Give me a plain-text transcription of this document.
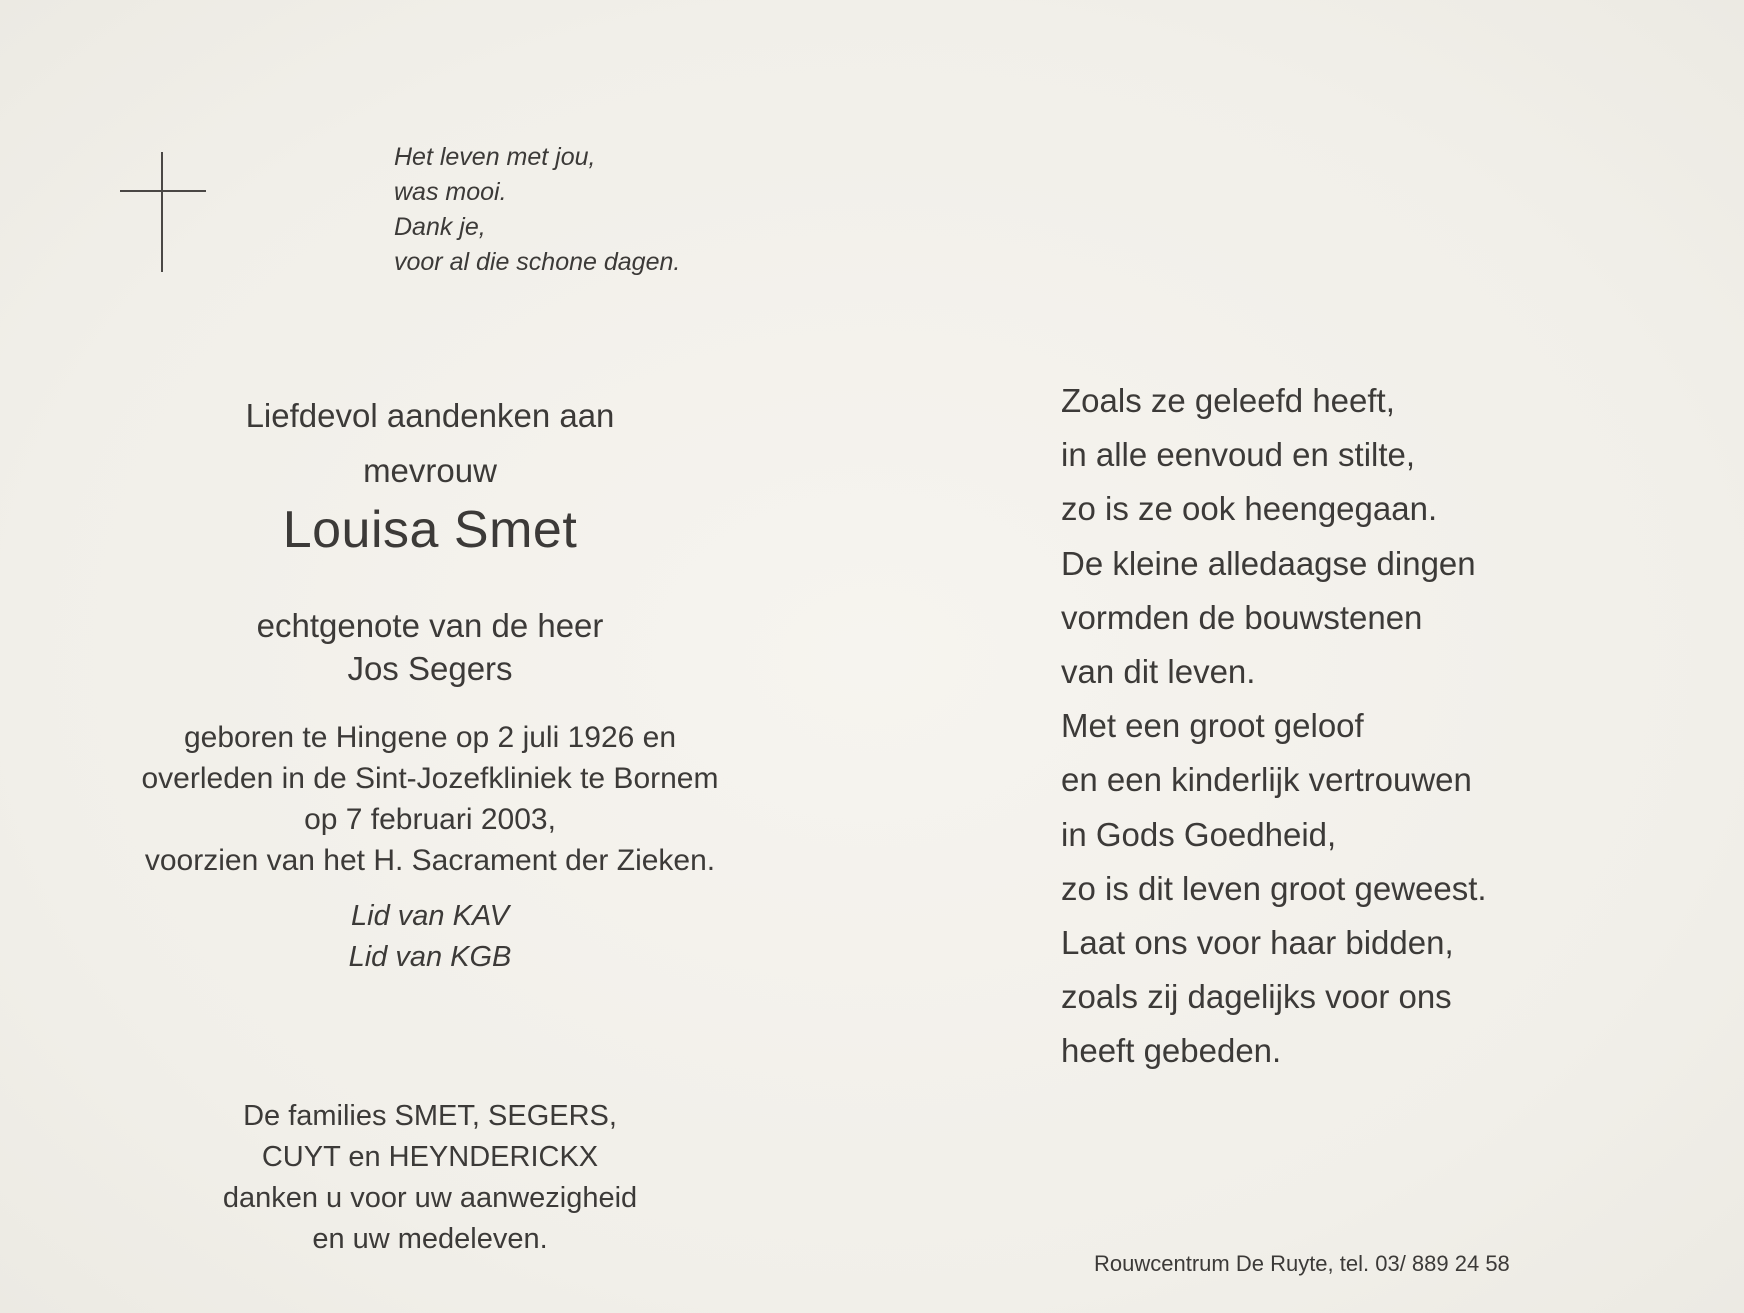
Het leven met jou,
was mooi.
Dank je,
voor al die schone dagen.
Liefdevol aandenken aan
mevrouw
Louisa Smet
echtgenote van de heer
Jos Segers
geboren te Hingene op 2 juli 1926 en
overleden in de Sint-Jozefkliniek te Bornem
op 7 februari 2003,
voorzien van het H. Sacrament der Zieken.
Lid van KAV
Lid van KGB
De families SMET, SEGERS,
CUYT en HEYNDERICKX
danken u voor uw aanwezigheid
en uw medeleven.
Zoals ze geleefd heeft,
in alle eenvoud en stilte,
zo is ze ook heengegaan.
De kleine alledaagse dingen
vormden de bouwstenen
van dit leven.
Met een groot geloof
en een kinderlijk vertrouwen
in Gods Goedheid,
zo is dit leven groot geweest.
Laat ons voor haar bidden,
zoals zij dagelijks voor ons
heeft gebeden.
Rouwcentrum De Ruyte, tel. 03/ 889 24 58
